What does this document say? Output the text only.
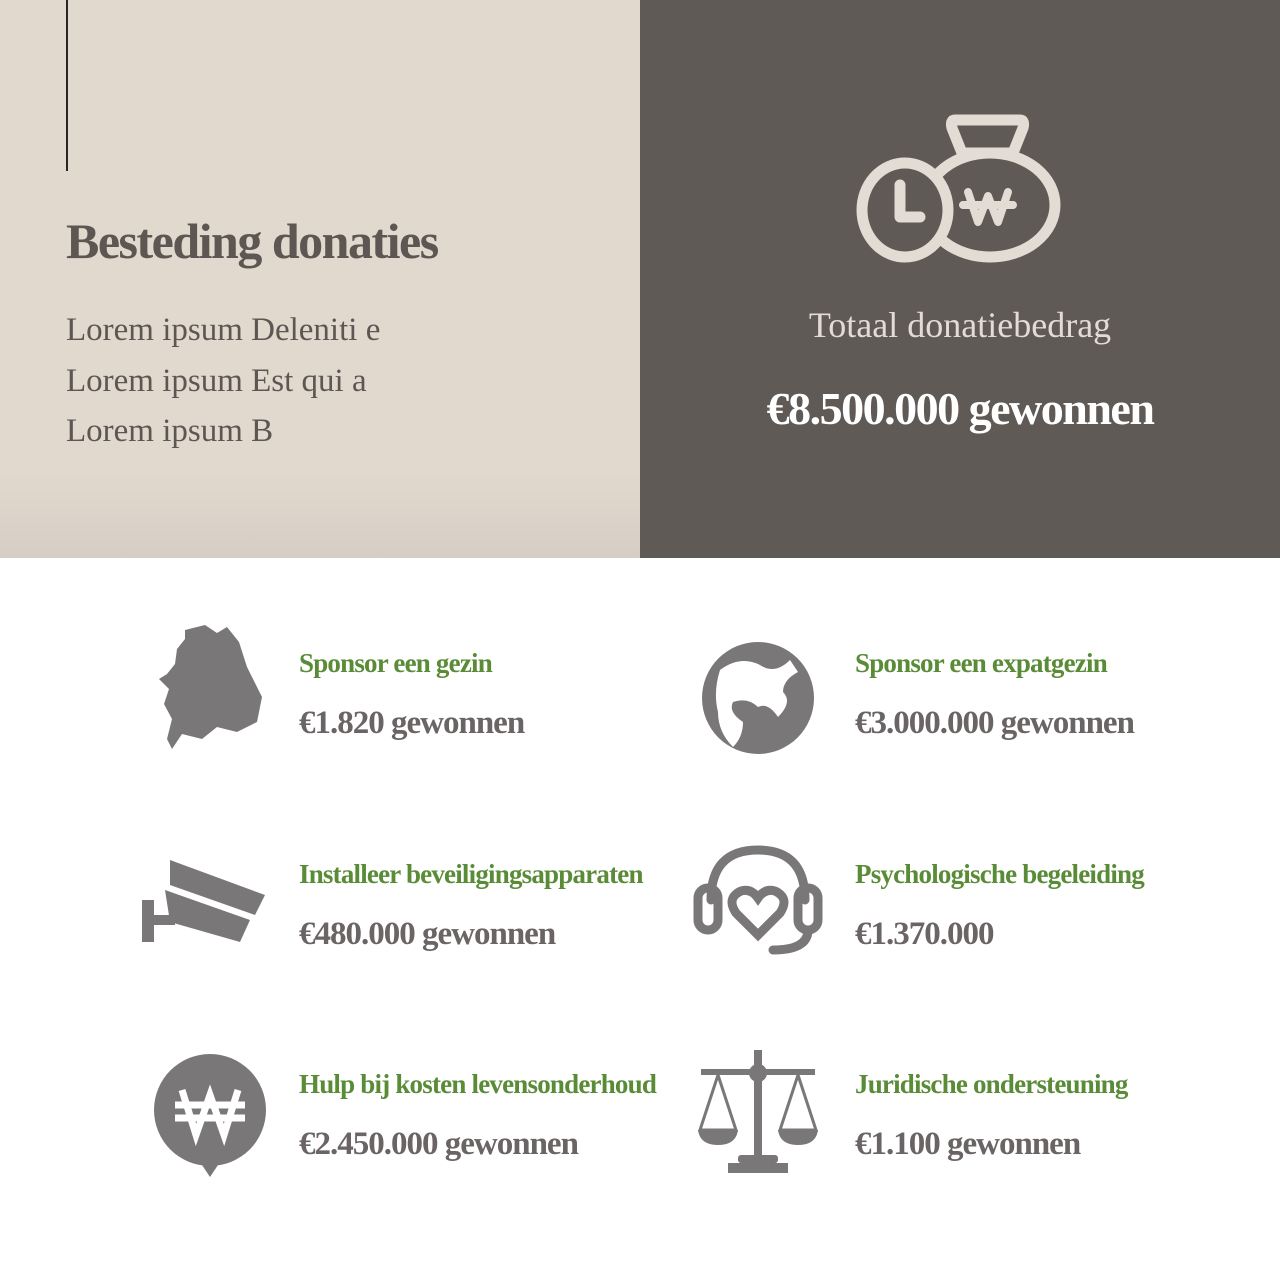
Besteding donaties
Lorem ipsum Deleniti e
Lorem ipsum Est qui a
Lorem ipsum B
Totaal donatiebedrag
€8.500.000 gewonnen
Sponsor een gezin
€1.820 gewonnen
Sponsor een expatgezin
€3.000.000 gewonnen
Installeer beveiligingsapparaten
€480.000 gewonnen
Psychologische begeleiding
€1.370.000
Hulp bij kosten levensonderhoud
€2.450.000 gewonnen
Juridische ondersteuning
€1.100 gewonnen
